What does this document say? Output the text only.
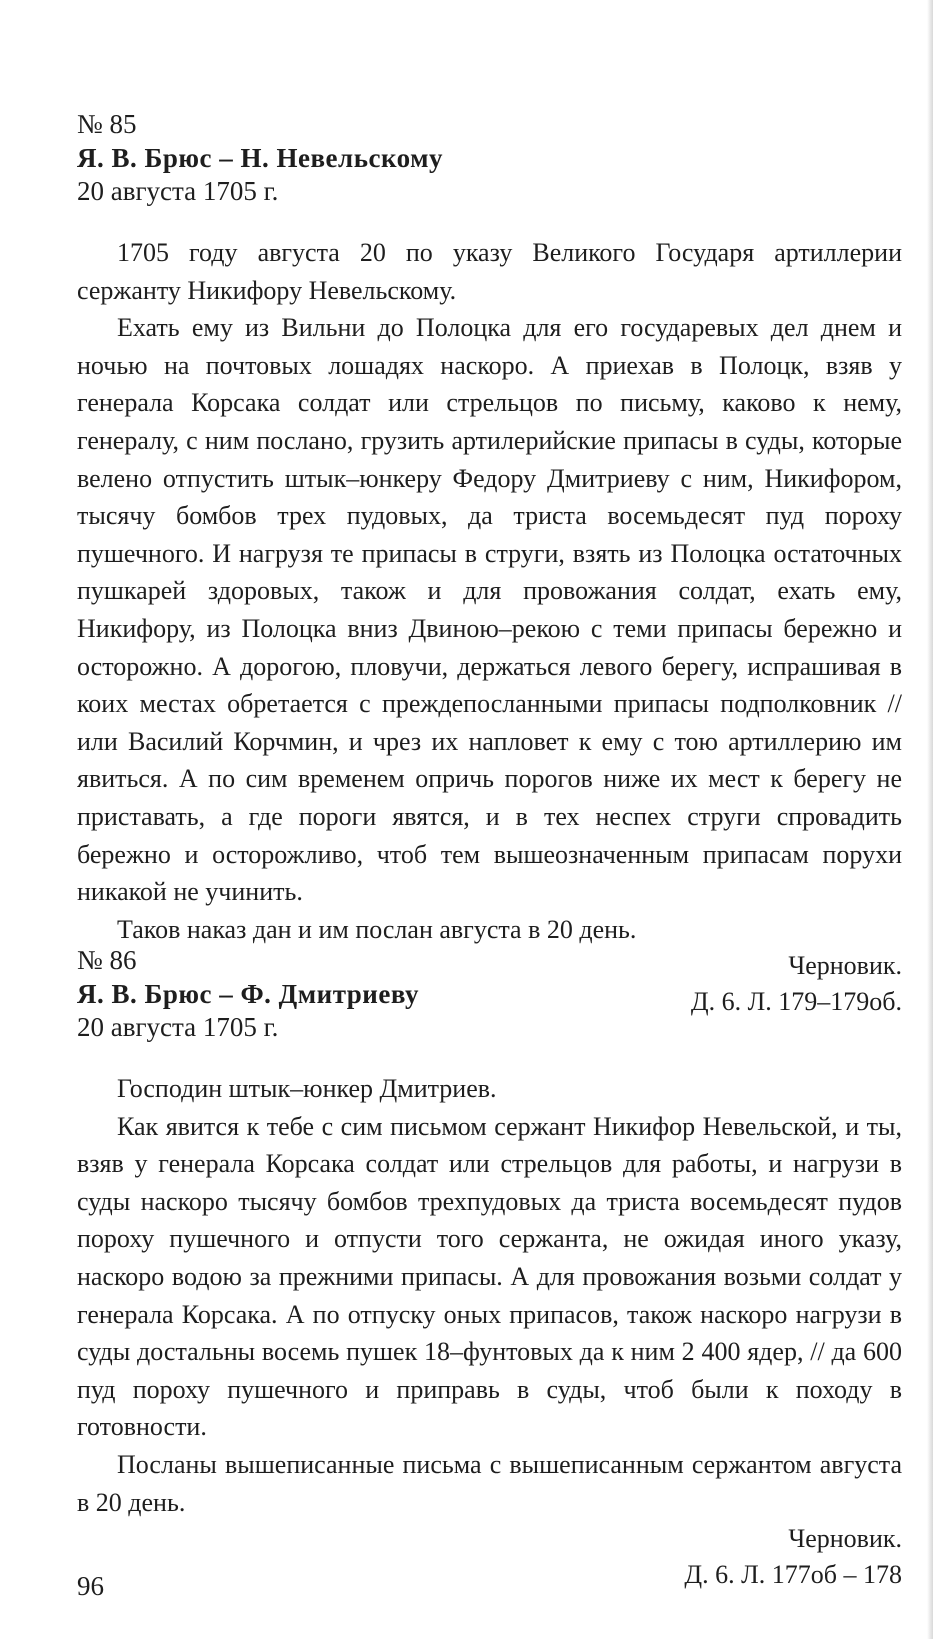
№ 85

Я. В. Брюс – Н. Невельскому

20 августа 1705 г.

1705 году августа 20 по указу Великого Государя артиллерии сержанту Никифору Невельскому.

Ехать ему из Вильни до Полоцка для его государевых дел днем и ночью на почтовых лошадях наскоро. А приехав в Полоцк, взяв у генерала Корсака солдат или стрельцов по письму, каково к нему, генералу, с ним послано, грузить артилерийские припасы в суды, которые велено отпустить штык–юнкеру Федору Дмитриеву с ним, Никифором, тысячу бомбов трех пудовых, да триста восемьдесят пуд пороху пушечного. И нагрузя те припасы в струги, взять из Полоцка остаточных пушкарей здоровых, також и для провожания солдат, ехать ему, Никифору, из Полоцка вниз Двиною–рекою с теми припасы бережно и осторожно. А дорогою, пловучи, держаться левого берегу, испрашивая в коих местах обретается с преждепосланными припасы подполковник // или Василий Корчмин, и чрез их напловет к ему с тою артиллерию им явиться. А по сим временем опричь порогов ниже их мест к берегу не приставать, а где пороги явятся, и в тех неспех струги спровадить бережно и осторожливо, чтоб тем вышеозначенным припасам порухи никакой не учинить.

Таков наказ дан и им послан августа в 20 день.

Черновик.

Д. 6. Л. 179–179об.

№ 86

Я. В. Брюс – Ф. Дмитриеву

20 августа 1705 г.

Господин штык–юнкер Дмитриев.

Как явится к тебе с сим письмом сержант Никифор Невельской, и ты, взяв у генерала Корсака солдат или стрельцов для работы, и нагрузи в суды наскоро тысячу бомбов трехпудовых да триста восемьдесят пудов пороху пушечного и отпусти того сержанта, не ожидая иного указу, наскоро водою за прежними припасы. А для провожания возьми солдат у генерала Корсака. А по отпуску оных припасов, також наскоро нагрузи в суды достальны восемь пушек 18–фунтовых да к ним 2 400 ядер, // да 600 пуд пороху пушечного и приправь в суды, чтоб были к походу в готовности.

Посланы вышеписанные письма с вышеписанным сержантом августа в 20 день.

Черновик.

Д. 6. Л. 177об – 178

96
